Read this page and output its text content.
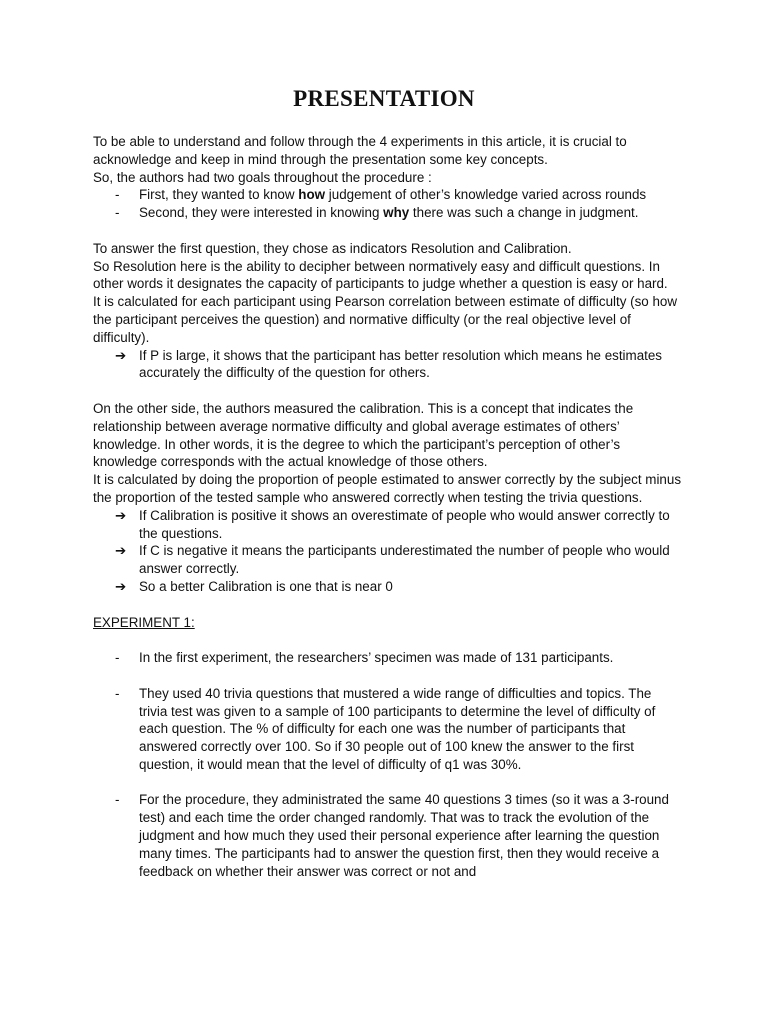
PRESENTATION

To be able to understand and follow through the 4 experiments in this article, it is crucial to acknowledge and keep in mind through the presentation some key concepts.

So, the authors had two goals throughout the procedure :

- First, they wanted to know how judgement of other’s knowledge varied across rounds
- Second, they were interested in knowing why there was such a change in judgment.

To answer the first question, they chose as indicators Resolution and Calibration.

So Resolution here is the ability to decipher between normatively easy and difficult questions. In other words it designates the capacity of participants to judge whether a question is easy or hard.

It is calculated for each participant using Pearson correlation between estimate of difficulty (so how the participant perceives the question) and normative difficulty (or the real objective level of difficulty).

➔ If P is large, it shows that the participant has better resolution which means he estimates accurately the difficulty of the question for others.

On the other side, the authors measured the calibration. This is a concept that indicates the relationship between average normative difficulty and global average estimates of others’ knowledge. In other words, it is the degree to which the participant’s perception of other’s knowledge corresponds with the actual knowledge of those others.

It is calculated by doing the proportion of people estimated to answer correctly by the subject minus the proportion of the tested sample who answered correctly when testing the trivia questions.

➔ If Calibration is positive it shows an overestimate of people who would answer correctly to the questions.
➔ If C is negative it means the participants underestimated the number of people who would answer correctly.
➔ So a better Calibration is one that is near 0

EXPERIMENT 1:

- In the first experiment, the researchers’ specimen was made of 131 participants.
- They used 40 trivia questions that mustered a wide range of difficulties and topics. The trivia test was given to a sample of 100 participants to determine the level of difficulty of each question. The % of difficulty for each one was the number of participants that answered correctly over 100. So if 30 people out of 100 knew the answer to the first question, it would mean that the level of difficulty of q1 was 30%.
- For the procedure, they administrated the same 40 questions 3 times (so it was a 3-round test) and each time the order changed randomly. That was to track the evolution of the judgment and how much they used their personal experience after learning the question many times. The participants had to answer the question first, then they would receive a feedback on whether their answer was correct or not and
